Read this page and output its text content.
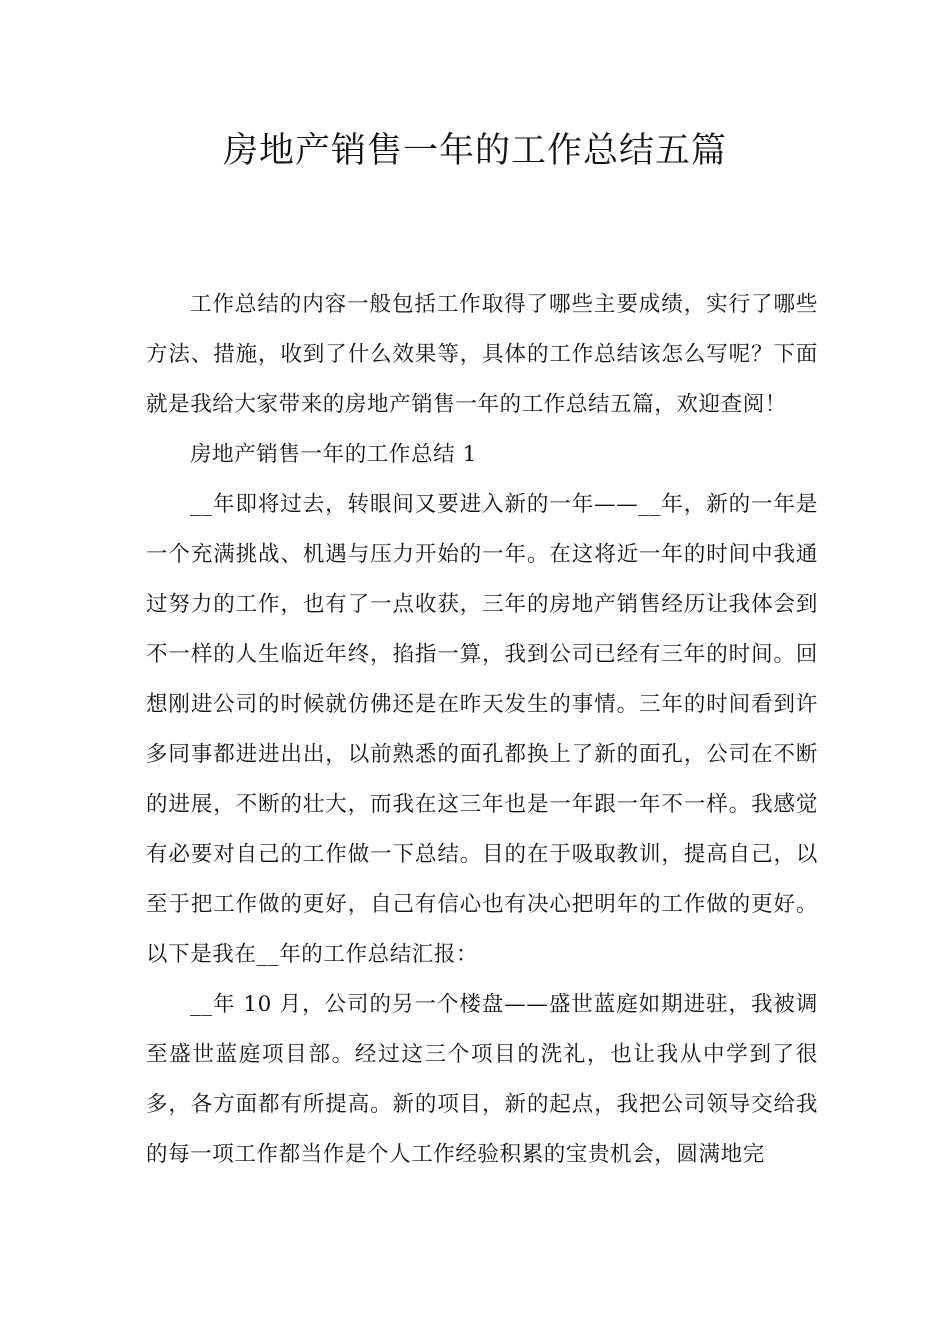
房地产销售一年的工作总结五篇

工作总结的内容一般包括工作取得了哪些主要成绩，实行了哪些方法、措施，收到了什么效果等，具体的工作总结该怎么写呢？下面就是我给大家带来的房地产销售一年的工作总结五篇，欢迎查阅！

房地产销售一年的工作总结 1

__年即将过去，转眼间又要进入新的一年——__年，新的一年是一个充满挑战、机遇与压力开始的一年。在这将近一年的时间中我通过努力的工作，也有了一点收获，三年的房地产销售经历让我体会到不一样的人生临近年终，掐指一算，我到公司已经有三年的时间。回想刚进公司的时候就仿佛还是在昨天发生的事情。三年的时间看到许多同事都进进出出，以前熟悉的面孔都换上了新的面孔，公司在不断的进展，不断的壮大，而我在这三年也是一年跟一年不一样。我感觉有必要对自己的工作做一下总结。目的在于吸取教训，提高自己，以至于把工作做的更好，自己有信心也有决心把明年的工作做的更好。以下是我在__年的工作总结汇报：

__年 10 月，公司的另一个楼盘——盛世蓝庭如期进驻，我被调至盛世蓝庭项目部。经过这三个项目的洗礼，也让我从中学到了很多，各方面都有所提高。新的项目，新的起点，我把公司领导交给我的每一项工作都当作是个人工作经验积累的宝贵机会，圆满地完
